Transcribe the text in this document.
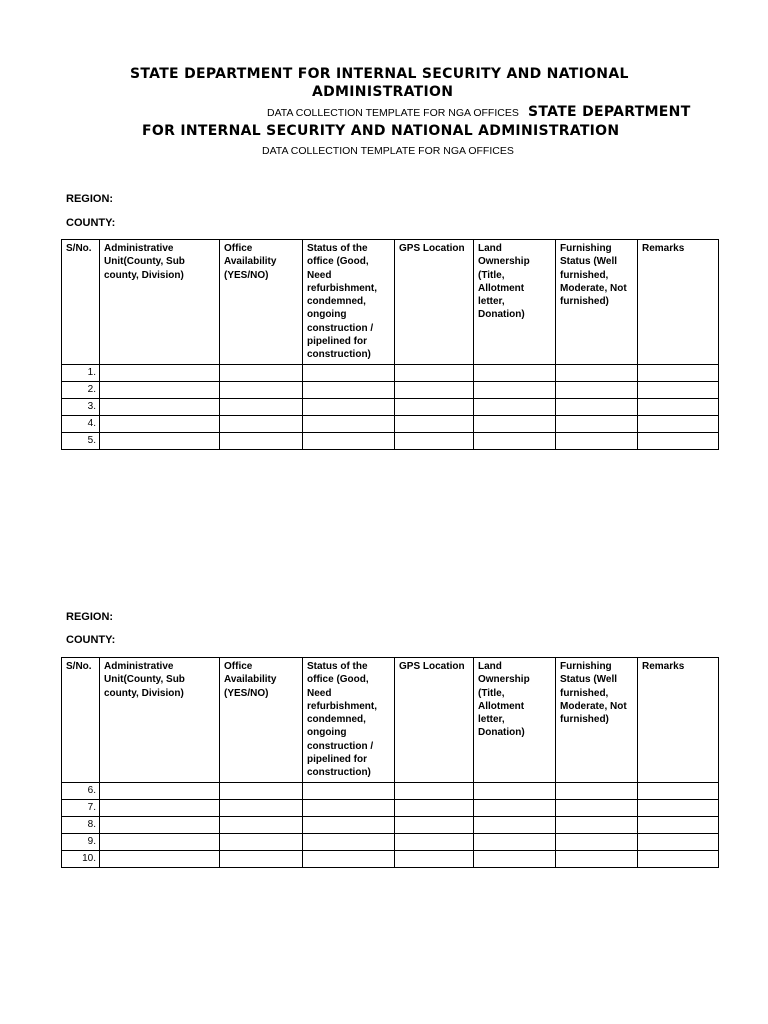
STATE DEPARTMENT FOR INTERNAL SECURITY AND NATIONAL
ADMINISTRATION
DATA COLLECTION TEMPLATE FOR NGA OFFICES STATE DEPARTMENT
FOR INTERNAL SECURITY AND NATIONAL ADMINISTRATION
DATA COLLECTION TEMPLATE FOR NGA OFFICES
REGION:
COUNTY:
S/No.	Administrative Unit(County, Sub county, Division)	Office Availability (YES/NO)	Status of the office (Good, Need refurbishment, condemned, ongoing construction / pipelined for construction)	GPS Location	Land Ownership (Title, Allotment letter, Donation)	Furnishing Status (Well furnished, Moderate, Not furnished)	Remarks
1.							
2.							
3.							
4.							
5.							
REGION:
COUNTY:
S/No.	Administrative Unit(County, Sub county, Division)	Office Availability (YES/NO)	Status of the office (Good, Need refurbishment, condemned, ongoing construction / pipelined for construction)	GPS Location	Land Ownership (Title, Allotment letter, Donation)	Furnishing Status (Well furnished, Moderate, Not furnished)	Remarks
6.							
7.							
8.							
9.							
10.							
